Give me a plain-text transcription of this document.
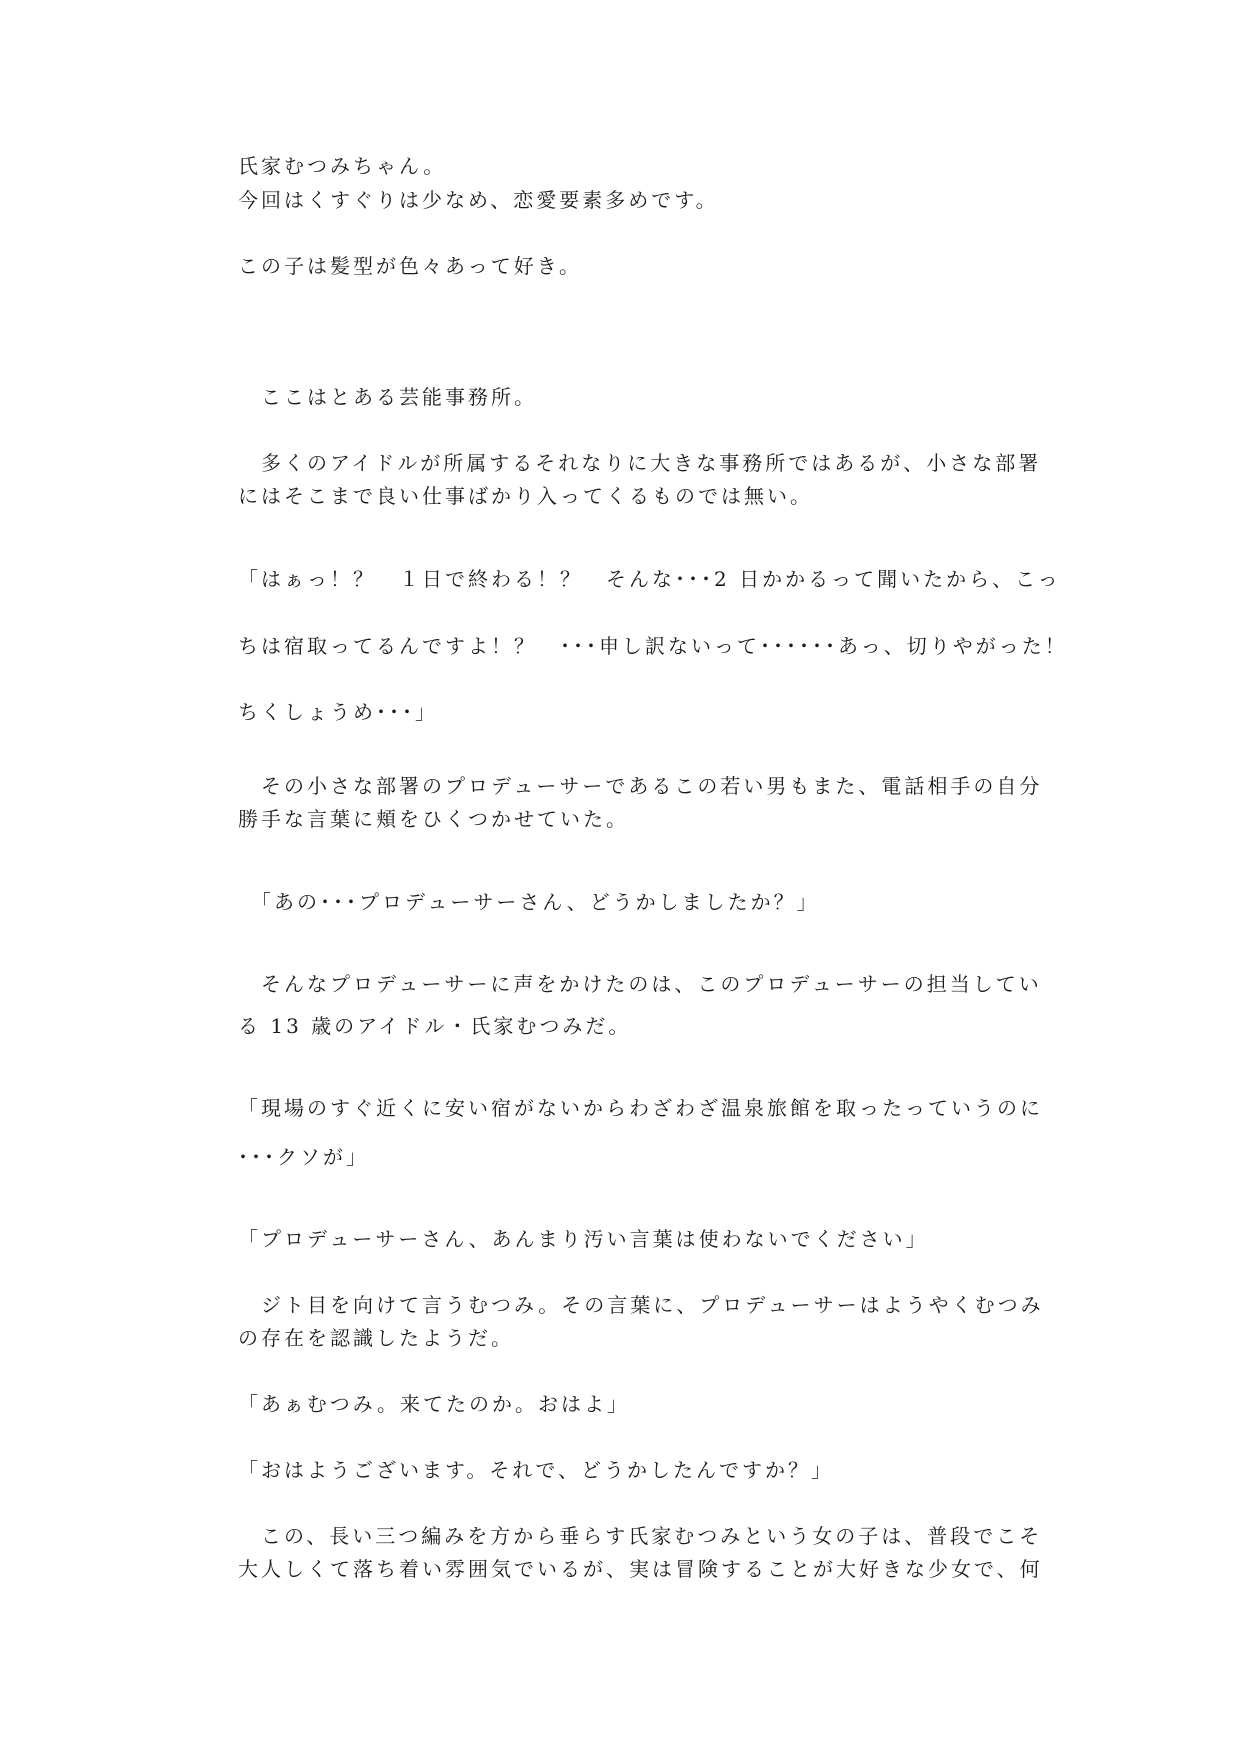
氏家むつみちゃん。
今回はくすぐりは少なめ、恋愛要素多めです。
この子は髪型が色々あって好き。
　ここはとある芸能事務所。
　多くのアイドルが所属するそれなりに大きな事務所ではあるが、小さな部署
にはそこまで良い仕事ばかり入ってくるものでは無い。
「はぁっ！？　１日で終わる！？　そんな･･･2 日かかるって聞いたから、こっ
ちは宿取ってるんですよ！？　･･･申し訳ないって･･････あっ、切りやがった！
ちくしょうめ･･･」
　その小さな部署のプロデューサーであるこの若い男もまた、電話相手の自分
勝手な言葉に頬をひくつかせていた。
　「あの･･･プロデューサーさん、どうかしましたか？」
　そんなプロデューサーに声をかけたのは、このプロデューサーの担当してい
る 13 歳のアイドル・氏家むつみだ。
「現場のすぐ近くに安い宿がないからわざわざ温泉旅館を取ったっていうのに
･･･クソが」
「プロデューサーさん、あんまり汚い言葉は使わないでください」
　ジト目を向けて言うむつみ。その言葉に、プロデューサーはようやくむつみ
の存在を認識したようだ。
「あぁむつみ。来てたのか。おはよ」
「おはようございます。それで、どうかしたんですか？」
　この、長い三つ編みを方から垂らす氏家むつみという女の子は、普段でこそ
大人しくて落ち着い雰囲気でいるが、実は冒険することが大好きな少女で、何
